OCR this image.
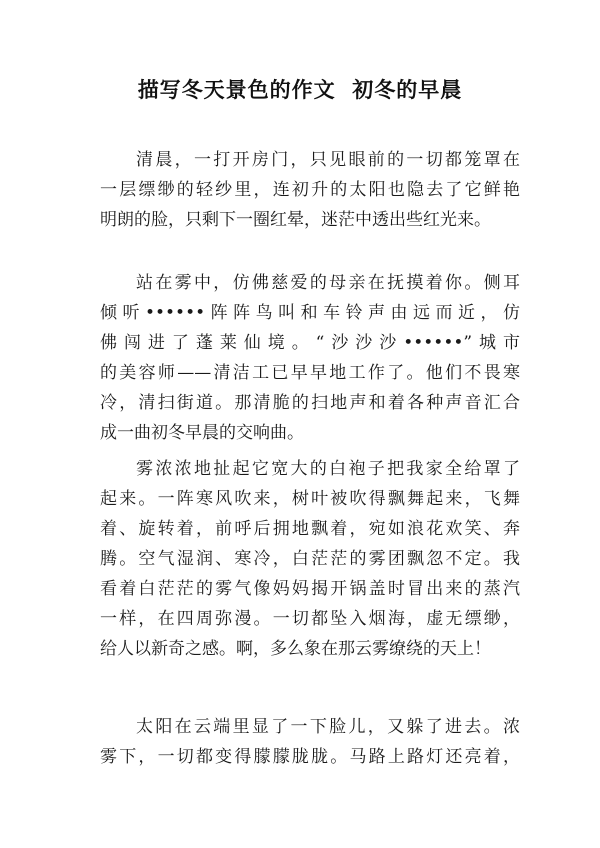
描写冬天景色的作文  初冬的早晨
清晨，一打开房门，只见眼前的一切都笼罩在
一层缥缈的轻纱里，连初升的太阳也隐去了它鲜艳
明朗的脸，只剩下一圈红晕，迷茫中透出些红光来。
站在雾中，仿佛慈爱的母亲在抚摸着你。侧耳
倾听••••••阵阵鸟叫和车铃声由远而近，仿
佛闯进了蓬莱仙境。“沙沙沙••••••”城市
的美容师——清洁工已早早地工作了。他们不畏寒
冷，清扫街道。那清脆的扫地声和着各种声音汇合
成一曲初冬早晨的交响曲。
雾浓浓地扯起它宽大的白袍子把我家全给罩了
起来。一阵寒风吹来，树叶被吹得飘舞起来，飞舞
着、旋转着，前呼后拥地飘着，宛如浪花欢笑、奔
腾。空气湿润、寒冷，白茫茫的雾团飘忽不定。我
看着白茫茫的雾气像妈妈揭开锅盖时冒出来的蒸汽
一样，在四周弥漫。一切都坠入烟海，虚无缥缈，
给人以新奇之感。啊，多么象在那云雾缭绕的天上！
太阳在云端里显了一下脸儿，又躲了进去。浓
雾下，一切都变得朦朦胧胧。马路上路灯还亮着，
